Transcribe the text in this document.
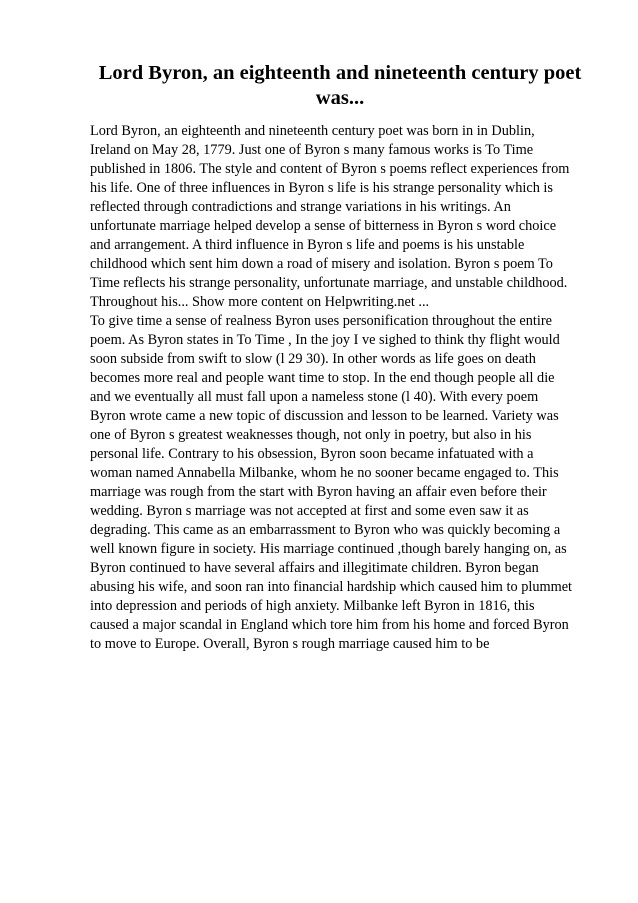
Lord Byron, an eighteenth and nineteenth century poet
was...
Lord Byron, an eighteenth and nineteenth century poet was born in in Dublin,
Ireland on May 28, 1779. Just one of Byron s many famous works is To Time
published in 1806. The style and content of Byron s poems reflect experiences from
his life. One of three influences in Byron s life is his strange personality which is
reflected through contradictions and strange variations in his writings. An
unfortunate marriage helped develop a sense of bitterness in Byron s word choice
and arrangement. A third influence in Byron s life and poems is his unstable
childhood which sent him down a road of misery and isolation. Byron s poem To
Time reflects his strange personality, unfortunate marriage, and unstable childhood.
Throughout his... Show more content on Helpwriting.net ...
To give time a sense of realness Byron uses personification throughout the entire
poem. As Byron states in To Time , In the joy I ve sighed to think thy flight would
soon subside from swift to slow (l 29 30). In other words as life goes on death
becomes more real and people want time to stop. In the end though people all die
and we eventually all must fall upon a nameless stone (l 40). With every poem
Byron wrote came a new topic of discussion and lesson to be learned. Variety was
one of Byron s greatest weaknesses though, not only in poetry, but also in his
personal life. Contrary to his obsession, Byron soon became infatuated with a
woman named Annabella Milbanke, whom he no sooner became engaged to. This
marriage was rough from the start with Byron having an affair even before their
wedding. Byron s marriage was not accepted at first and some even saw it as
degrading. This came as an embarrassment to Byron who was quickly becoming a
well known figure in society. His marriage continued ,though barely hanging on, as
Byron continued to have several affairs and illegitimate children. Byron began
abusing his wife, and soon ran into financial hardship which caused him to plummet
into depression and periods of high anxiety. Milbanke left Byron in 1816, this
caused a major scandal in England which tore him from his home and forced Byron
to move to Europe. Overall, Byron s rough marriage caused him to be
